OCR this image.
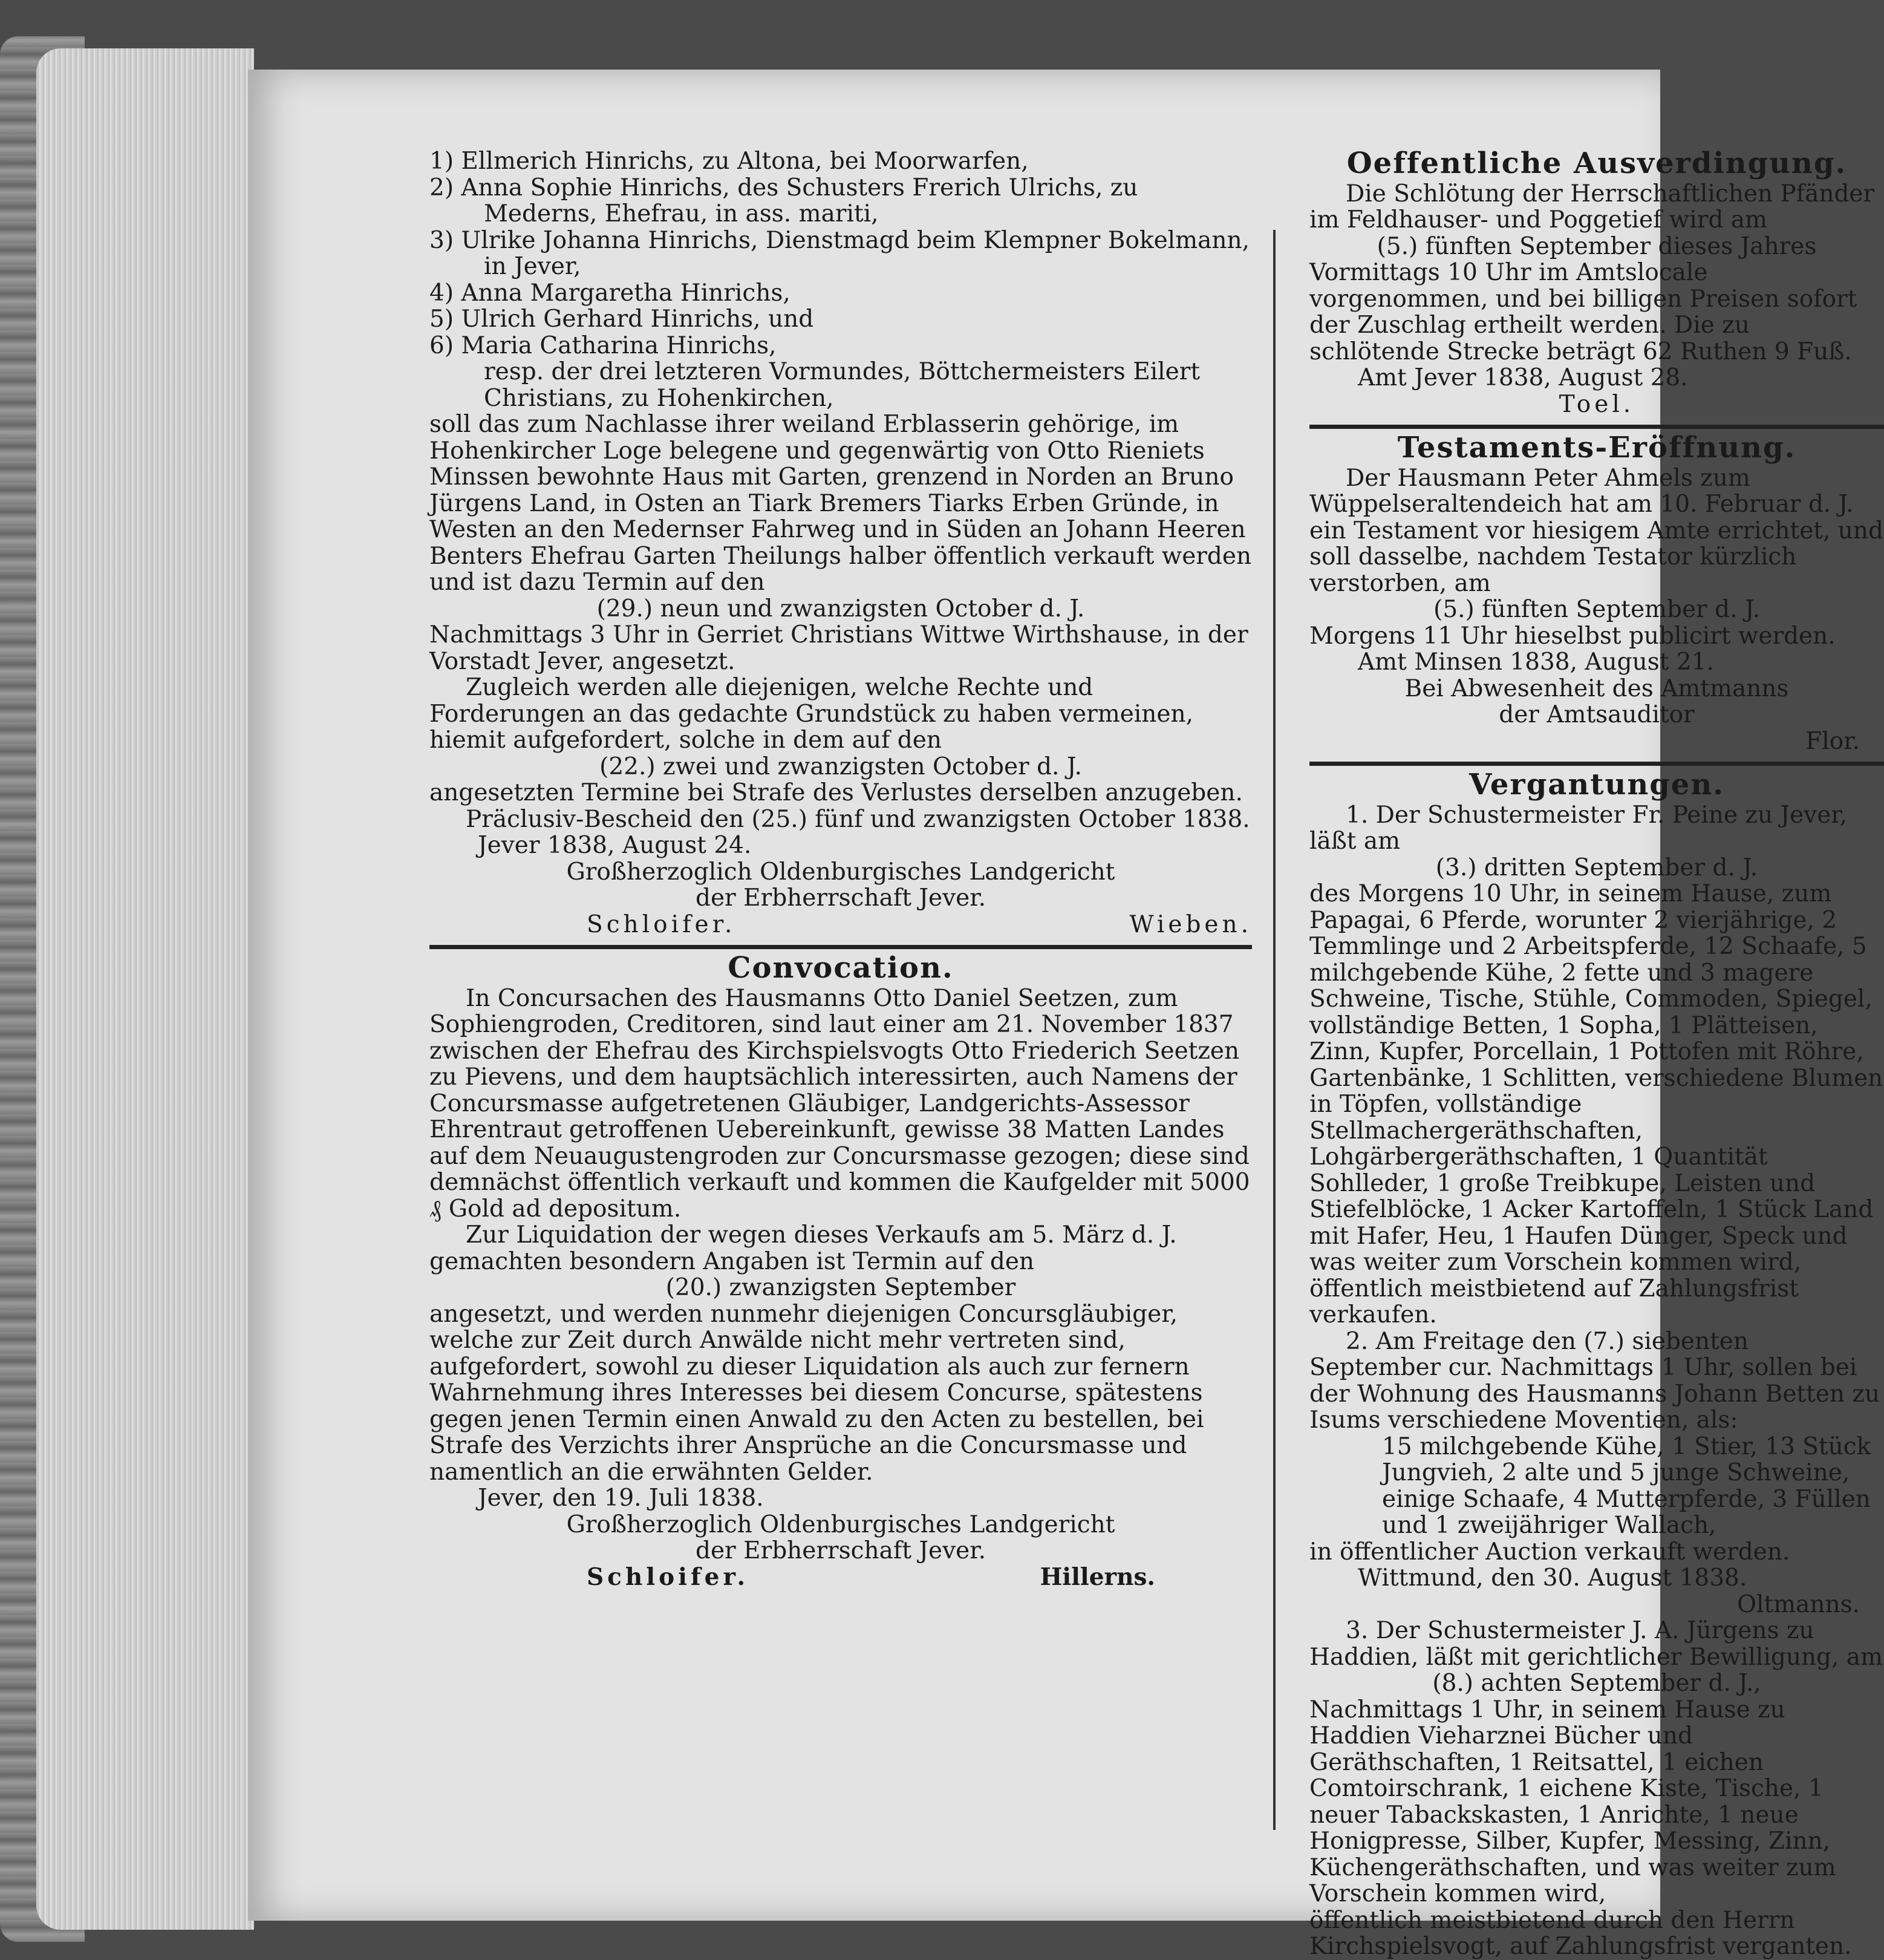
1) Ellmerich Hinrichs, zu Altona, bei Moorwarfen,

2) Anna Sophie Hinrichs, des Schusters Frerich Ulrichs, zu Mederns, Ehefrau, in ass. mariti,

3) Ulrike Johanna Hinrichs, Dienstmagd beim Klempner Bokelmann, in Jever,

4) Anna Margaretha Hinrichs,

5) Ulrich Gerhard Hinrichs, und

6) Maria Catharina Hinrichs,

resp. der drei letzteren Vormundes, Böttchermeisters Eilert Christians, zu Hohenkirchen,

soll das zum Nachlasse ihrer weiland Erblasserin gehörige, im Hohenkircher Loge belegene und gegenwärtig von Otto Rieniets Minssen bewohnte Haus mit Garten, grenzend in Norden an Bruno Jürgens Land, in Osten an Tiark Bremers Tiarks Erben Gründe, in Westen an den Medernser Fahrweg und in Süden an Johann Heeren Benters Ehefrau Garten Theilungs halber öffentlich verkauft werden und ist dazu Termin auf den

(29.) neun und zwanzigsten October d. J.

Nachmittags 3 Uhr in Gerriet Christians Wittwe Wirthshause, in der Vorstadt Jever, angesetzt.

Zugleich werden alle diejenigen, welche Rechte und Forderungen an das gedachte Grundstück zu haben vermeinen, hiemit aufgefordert, solche in dem auf den

(22.) zwei und zwanzigsten October d. J.

angesetzten Termine bei Strafe des Verlustes derselben anzugeben.

Präclusiv-Bescheid den (25.) fünf und zwanzigsten October 1838.

Jever 1838, August 24.

Großherzoglich Oldenburgisches Landgericht

der Erbherrschaft Jever.

Schloifer.	Wieben.

Convocation.

In Concursachen des Hausmanns Otto Daniel Seetzen, zum Sophiengroden, Creditoren, sind laut einer am 21. November 1837 zwischen der Ehefrau des Kirchspielsvogts Otto Friederich Seetzen zu Pievens, und dem hauptsächlich interessirten, auch Namens der Concursmasse aufgetretenen Gläubiger, Landgerichts-Assessor Ehrentraut getroffenen Uebereinkunft, gewisse 38 Matten Landes auf dem Neuaugustengroden zur Concursmasse gezogen; diese sind demnächst öffentlich verkauft und kommen die Kaufgelder mit 5000 ₰ Gold ad depositum.

Zur Liquidation der wegen dieses Verkaufs am 5. März d. J. gemachten besondern Angaben ist Termin auf den

(20.) zwanzigsten September

angesetzt, und werden nunmehr diejenigen Concursgläubiger, welche zur Zeit durch Anwälde nicht mehr vertreten sind, aufgefordert, sowohl zu dieser Liquidation als auch zur fernern Wahrnehmung ihres Interesses bei diesem Concurse, spätestens gegen jenen Termin einen Anwald zu den Acten zu bestellen, bei Strafe des Verzichts ihrer Ansprüche an die Concursmasse und namentlich an die erwähnten Gelder.

Jever, den 19. Juli 1838.

Großherzoglich Oldenburgisches Landgericht

der Erbherrschaft Jever.

Schloifer.	Hillerns.

Oeffentliche Ausverdingung.

Die Schlötung der Herrschaftlichen Pfänder im Feldhauser- und Poggetief wird am

(5.) fünften September dieses Jahres

Vormittags 10 Uhr im Amtslocale vorgenommen, und bei billigen Preisen sofort der Zuschlag ertheilt werden. Die zu schlötende Strecke beträgt 62 Ruthen 9 Fuß.

Amt Jever 1838, August 28.

Toel.

Testaments-Eröffnung.

Der Hausmann Peter Ahmels zum Wüppelseraltendeich hat am 10. Februar d. J. ein Testament vor hiesigem Amte errichtet, und soll dasselbe, nachdem Testator kürzlich verstorben, am

(5.) fünften September d. J.

Morgens 11 Uhr hieselbst publicirt werden.

Amt Minsen 1838, August 21.

Bei Abwesenheit des Amtmanns

der Amtsauditor

Flor.

Vergantungen.

1. Der Schustermeister Fr. Peine zu Jever, läßt am

(3.) dritten September d. J.

des Morgens 10 Uhr, in seinem Hause, zum Papagai, 6 Pferde, worunter 2 vierjährige, 2 Temmlinge und 2 Arbeitspferde, 12 Schaafe, 5 milchgebende Kühe, 2 fette und 3 magere Schweine, Tische, Stühle, Commoden, Spiegel, vollständige Betten, 1 Sopha, 1 Plätteisen, Zinn, Kupfer, Porcellain, 1 Pottofen mit Röhre, Gartenbänke, 1 Schlitten, verschiedene Blumen in Töpfen, vollständige Stellmachergeräthschaften, Lohgärbergeräthschaften, 1 Quantität Sohlleder, 1 große Treibkupe, Leisten und Stiefelblöcke, 1 Acker Kartoffeln, 1 Stück Land mit Hafer, Heu, 1 Haufen Dünger, Speck und was weiter zum Vorschein kommen wird,

öffentlich meistbietend auf Zahlungsfrist verkaufen.

2. Am Freitage den (7.) siebenten September cur. Nachmittags 1 Uhr, sollen bei der Wohnung des Hausmanns Johann Betten zu Isums verschiedene Moventien, als:

15 milchgebende Kühe, 1 Stier, 13 Stück Jungvieh, 2 alte und 5 junge Schweine, einige Schaafe, 4 Mutterpferde, 3 Füllen und 1 zweijähriger Wallach,

in öffentlicher Auction verkauft werden.

Wittmund, den 30. August 1838.

Oltmanns.

3. Der Schustermeister J. A. Jürgens zu Haddien, läßt mit gerichtlicher Bewilligung, am

(8.) achten September d. J.,

Nachmittags 1 Uhr, in seinem Hause zu Haddien Vieharznei Bücher und Geräthschaften, 1 Reitsattel, 1 eichen Comtoirschrank, 1 eichene Kiste, Tische, 1 neuer Tabackskasten, 1 Anrichte, 1 neue Honigpresse, Silber, Kupfer, Messing, Zinn, Küchengeräthschaften, und was weiter zum Vorschein kommen wird,

öffentlich meistbietend durch den Herrn Kirchspielsvogt, auf Zahlungsfrist verganten.
